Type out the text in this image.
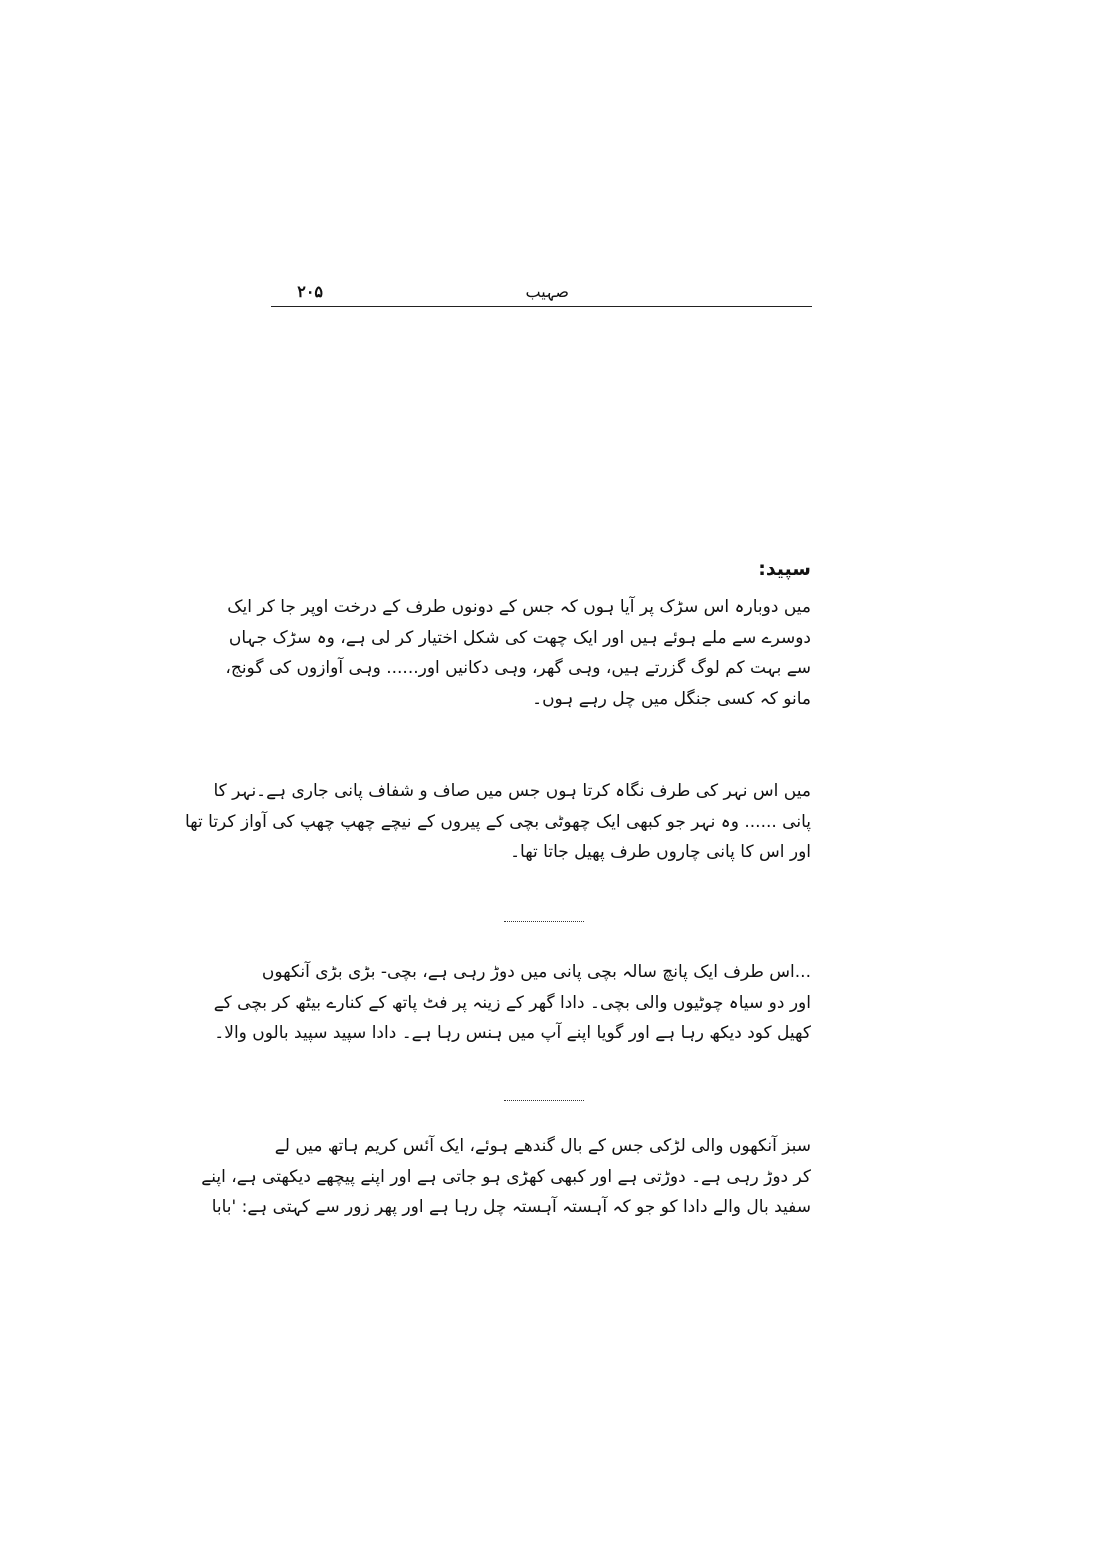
صہیب
۲۰۵
سپید:
میں دوبارہ اس سڑک پر آیا ہوں کہ جس کے دونوں طرف کے درخت اوپر جا کر ایک
دوسرے سے ملے ہوئے ہیں اور ایک چھت کی شکل اختیار کر لی ہے، وہ سڑک جہاں
سے بہت کم لوگ گزرتے ہیں، وہی گھر، وہی دکانیں اور...... وہی آوازوں کی گونج،
مانو کہ کسی جنگل میں چل رہے ہوں۔
میں اس نہر کی طرف نگاہ کرتا ہوں جس میں صاف و شفاف پانی جاری ہے۔نہر کا
پانی ...... وہ نہر جو کبھی ایک چھوٹی بچی کے پیروں کے نیچے چھپ چھپ کی آواز کرتا تھا
اور اس کا پانی چاروں طرف پھیل جاتا تھا۔
...اس طرف ایک پانچ سالہ بچی پانی میں دوڑ رہی ہے، بچی- بڑی بڑی آنکھوں
اور دو سیاہ چوٹیوں والی بچی۔ دادا گھر کے زینہ پر فٹ پاتھ کے کنارے بیٹھ کر بچی کے
کھیل کود دیکھ رہا ہے اور گویا اپنے آپ میں ہنس رہا ہے۔ دادا سپید سپید بالوں والا۔
سبز آنکھوں والی لڑکی جس کے بال گندھے ہوئے، ایک آئس کریم ہاتھ میں لے
کر دوڑ رہی ہے۔ دوڑتی ہے اور کبھی کھڑی ہو جاتی ہے اور اپنے پیچھے دیکھتی ہے، اپنے
سفید بال والے دادا کو جو کہ آہستہ آہستہ چل رہا ہے اور پھر زور سے کہتی ہے: 'بابا
